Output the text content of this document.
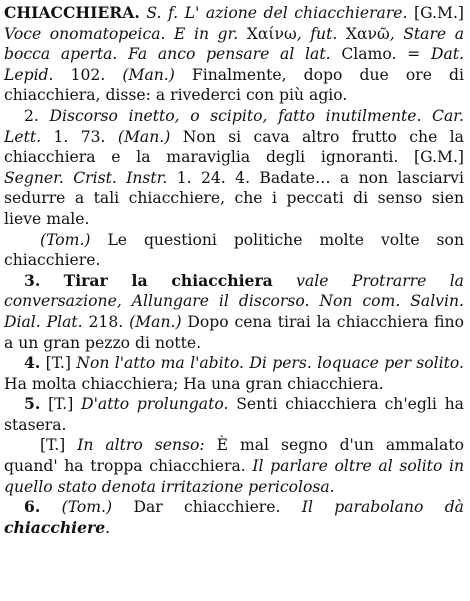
CHIACCHIERA. S. f. L' azione del chiacchierare. [G.M.] Voce onomatopeica. E in gr. Χαίνω, fut. Χανῶ, Stare a bocca aperta. Fa anco pensare al lat. Clamo. = Dat. Lepid. 102. (Man.) Finalmente, dopo due ore di chiacchiera, disse: a rivederci con più agio.

2. Discorso inetto, o scipito, fatto inutilmente. Car. Lett. 1. 73. (Man.) Non si cava altro frutto che la chiacchiera e la maraviglia degli ignoranti. [G.M.] Segner. Crist. Instr. 1. 24. 4. Badate… a non lasciarvi sedurre a tali chiacchiere, che i peccati di senso sien lieve male.

(Tom.) Le questioni politiche molte volte son chiacchiere.

3. Tirar la chiacchiera vale Protrarre la conversazione, Allungare il discorso. Non com. Salvin. Dial. Plat. 218. (Man.) Dopo cena tirai la chiacchiera fino a un gran pezzo di notte.

4. [T.] Non l'atto ma l'abito. Di pers. loquace per solito. Ha molta chiacchiera; Ha una gran chiacchiera.

5. [T.] D'atto prolungato. Senti chiacchiera ch'egli ha stasera.

[T.] In altro senso: È mal segno d'un ammalato quand' ha troppa chiacchiera. Il parlare oltre al solito in quello stato denota irritazione pericolosa.

6. (Tom.) Dar chiacchiere. Il parabolano dà chiacchiere.
